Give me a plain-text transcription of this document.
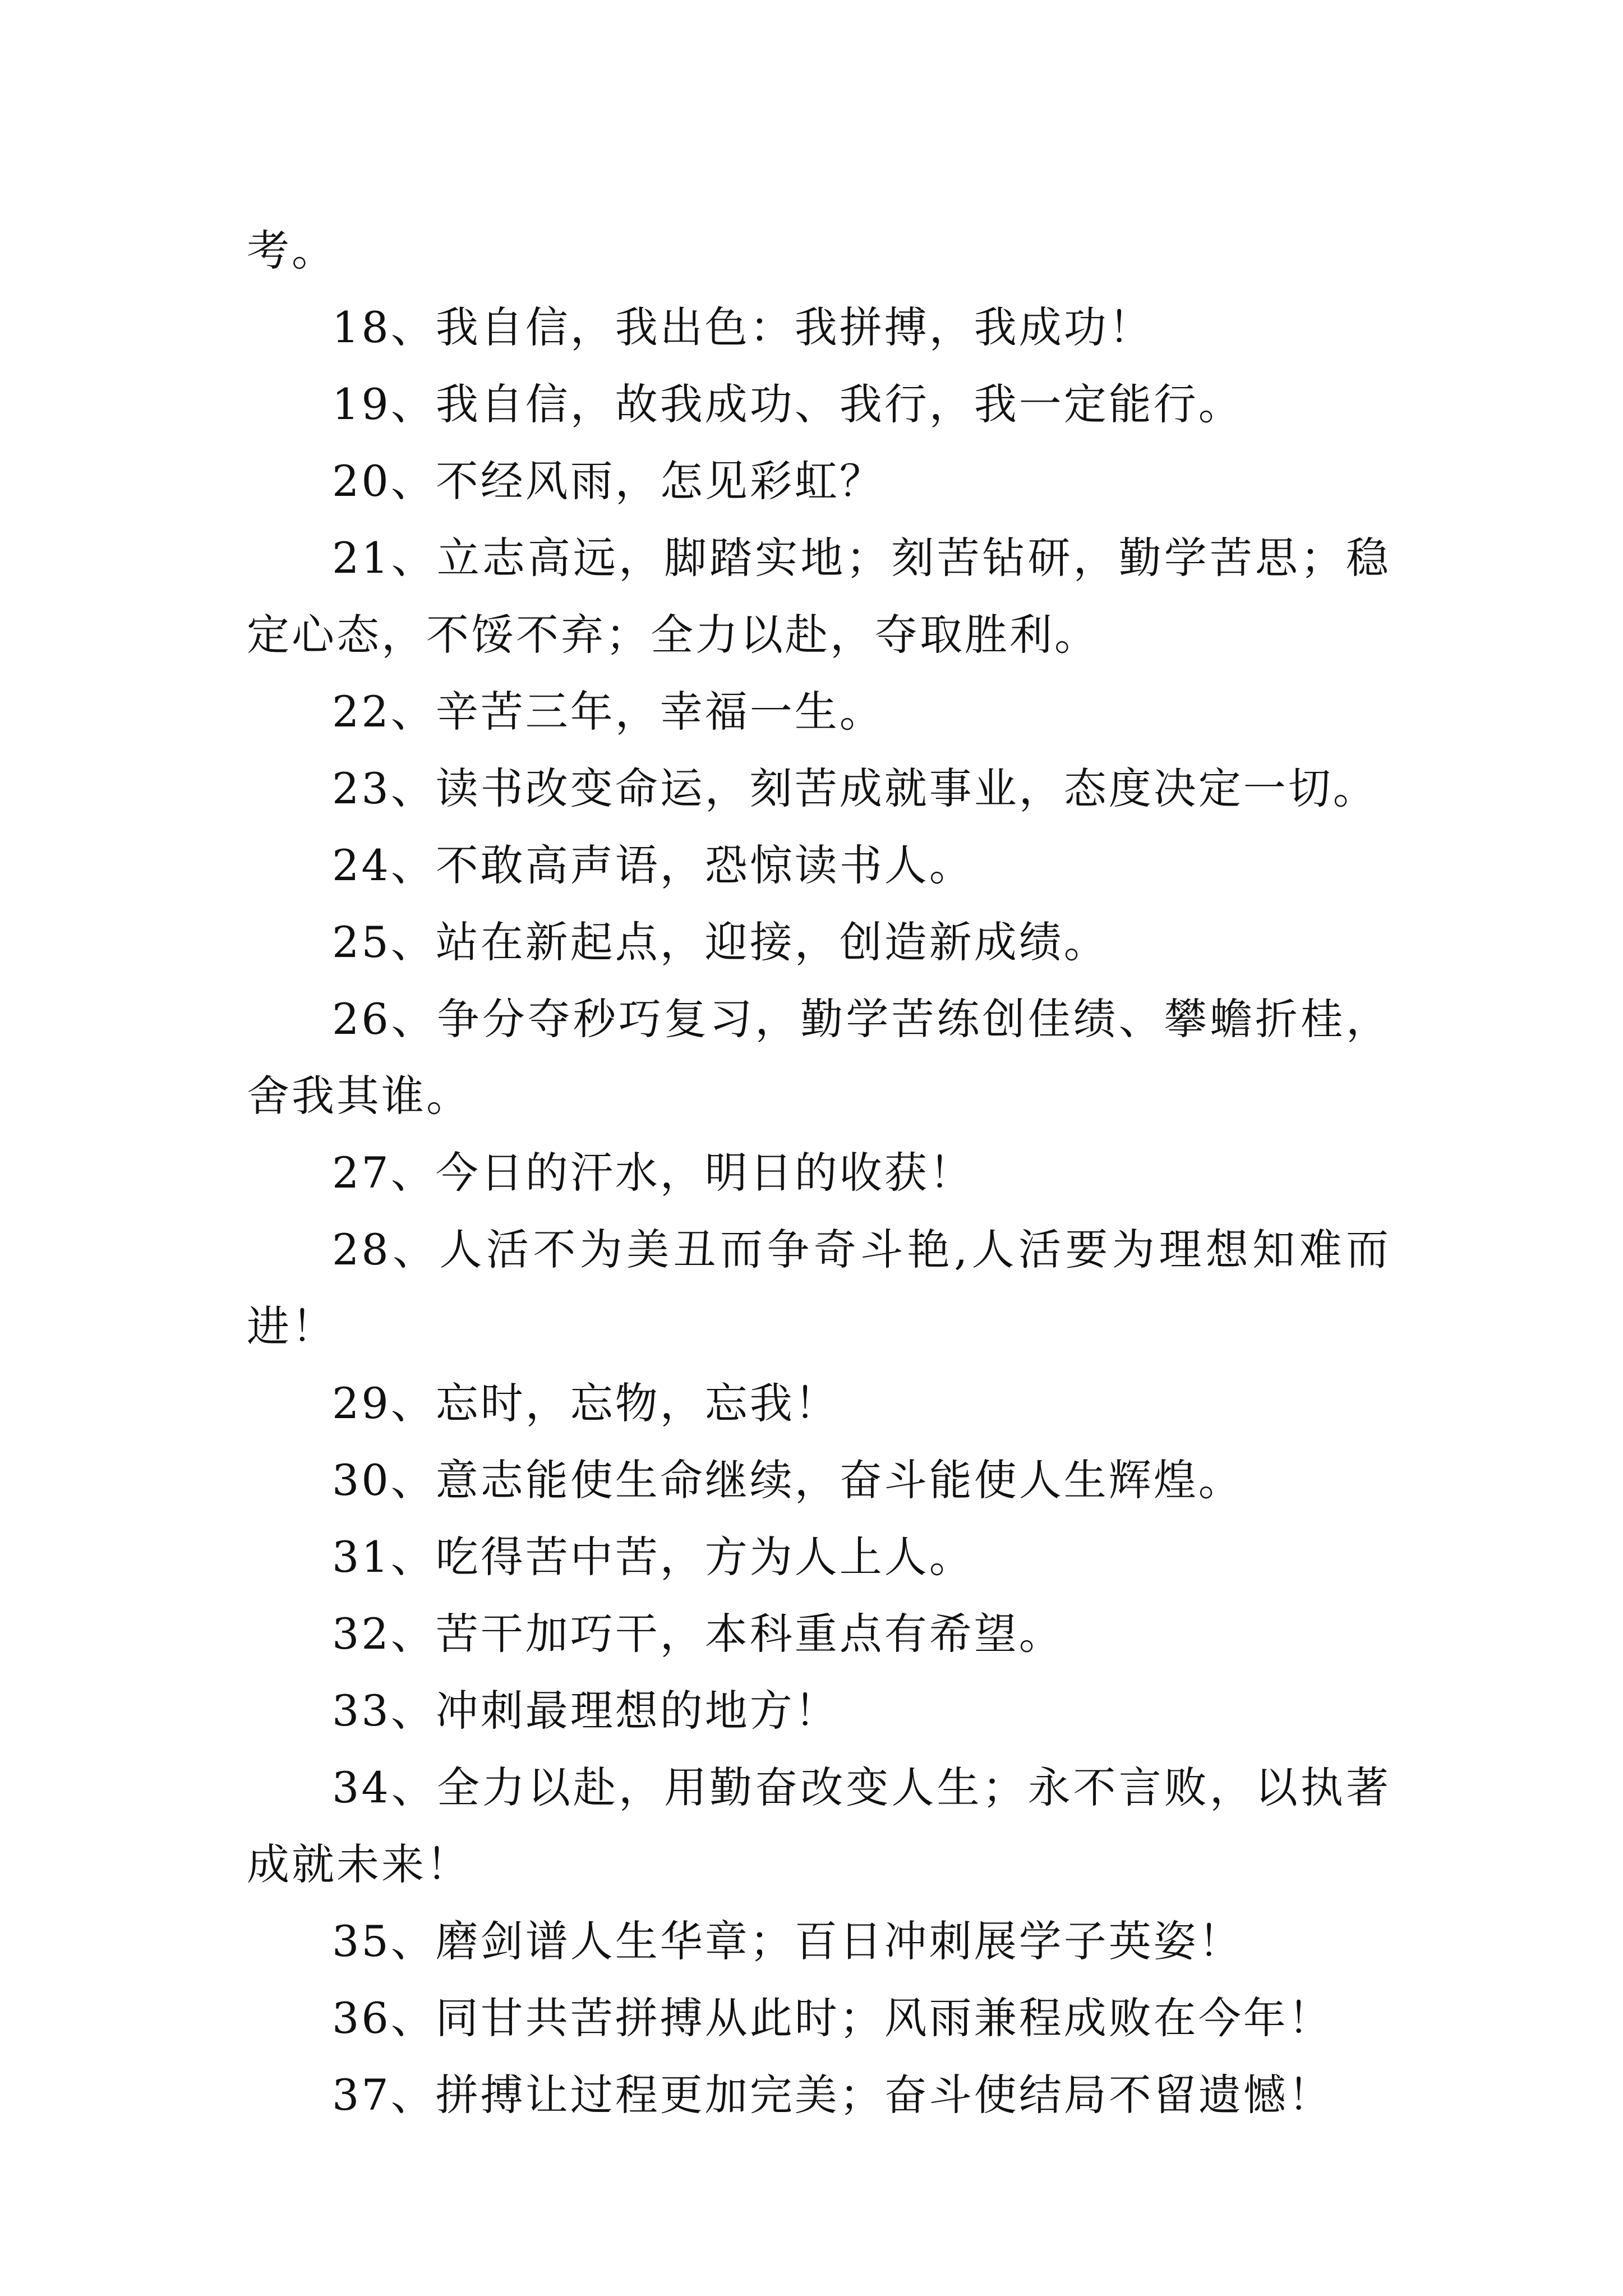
考。

18、我自信，我出色：我拼搏，我成功！

19、我自信，故我成功、我行，我一定能行。

20、不经风雨，怎见彩虹？

21、立志高远，脚踏实地；刻苦钻研，勤学苦思；稳定心态，不馁不弃；全力以赴，夺取胜利。

22、辛苦三年，幸福一生。

23、读书改变命运，刻苦成就事业，态度决定一切。

24、不敢高声语，恐惊读书人。

25、站在新起点，迎接，创造新成绩。

26、争分夺秒巧复习，勤学苦练创佳绩、攀蟾折桂，舍我其谁。

27、今日的汗水，明日的收获！

28、人活不为美丑而争奇斗艳,人活要为理想知难而进！

29、忘时，忘物，忘我！

30、意志能使生命继续，奋斗能使人生辉煌。

31、吃得苦中苦，方为人上人。

32、苦干加巧干，本科重点有希望。

33、冲刺最理想的地方！

34、全力以赴，用勤奋改变人生；永不言败，以执著成就未来！

35、磨剑谱人生华章；百日冲刺展学子英姿！

36、同甘共苦拼搏从此时；风雨兼程成败在今年！

37、拼搏让过程更加完美；奋斗使结局不留遗憾！
